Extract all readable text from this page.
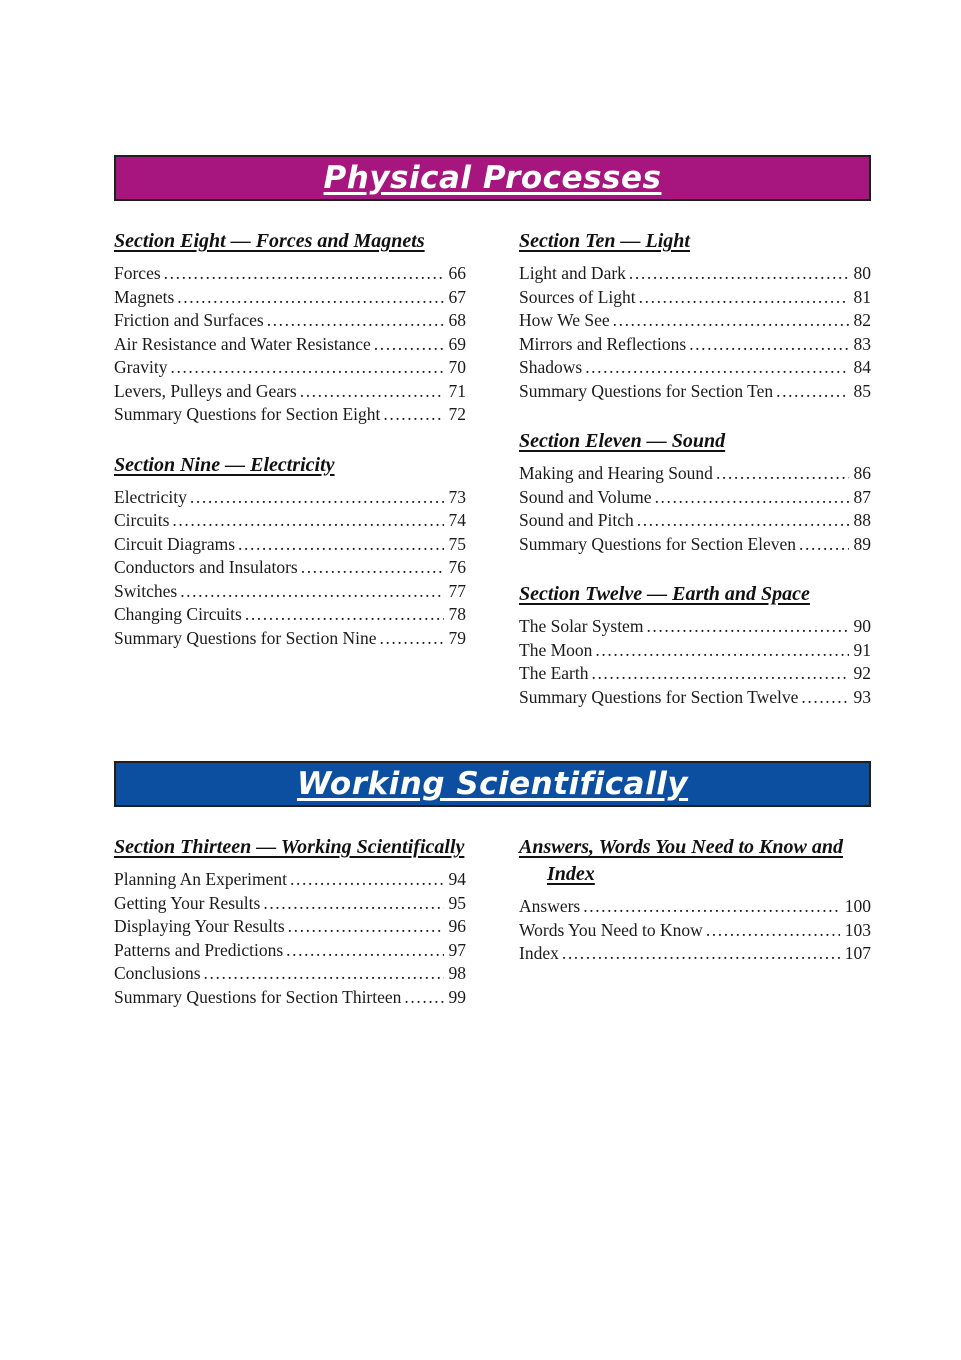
Physical Processes
Section Eight — Forces and Magnets
Forces .....	66
Magnets .....	67
Friction and Surfaces .....	68
Air Resistance and Water Resistance .....	69
Gravity .....	70
Levers, Pulleys and Gears .....	71
Summary Questions for Section Eight .....	72
Section Nine — Electricity
Electricity .....	73
Circuits .....	74
Circuit Diagrams .....	75
Conductors and Insulators .....	76
Switches .....	77
Changing Circuits .....	78
Summary Questions for Section Nine .....	79
Section Ten — Light
Light and Dark .....	80
Sources of Light .....	81
How We See .....	82
Mirrors and Reflections .....	83
Shadows .....	84
Summary Questions for Section Ten .....	85
Section Eleven — Sound
Making and Hearing Sound .....	86
Sound and Volume .....	87
Sound and Pitch .....	88
Summary Questions for Section Eleven .....	89
Section Twelve — Earth and Space
The Solar System .....	90
The Moon .....	91
The Earth .....	92
Summary Questions for Section Twelve .....	93
Working Scientifically
Section Thirteen — Working Scientifically
Planning An Experiment .....	94
Getting Your Results .....	95
Displaying Your Results .....	96
Patterns and Predictions .....	97
Conclusions .....	98
Summary Questions for Section Thirteen .....	99
Answers, Words You Need to Know and Index
Answers .....	100
Words You Need to Know .....	103
Index .....	107
